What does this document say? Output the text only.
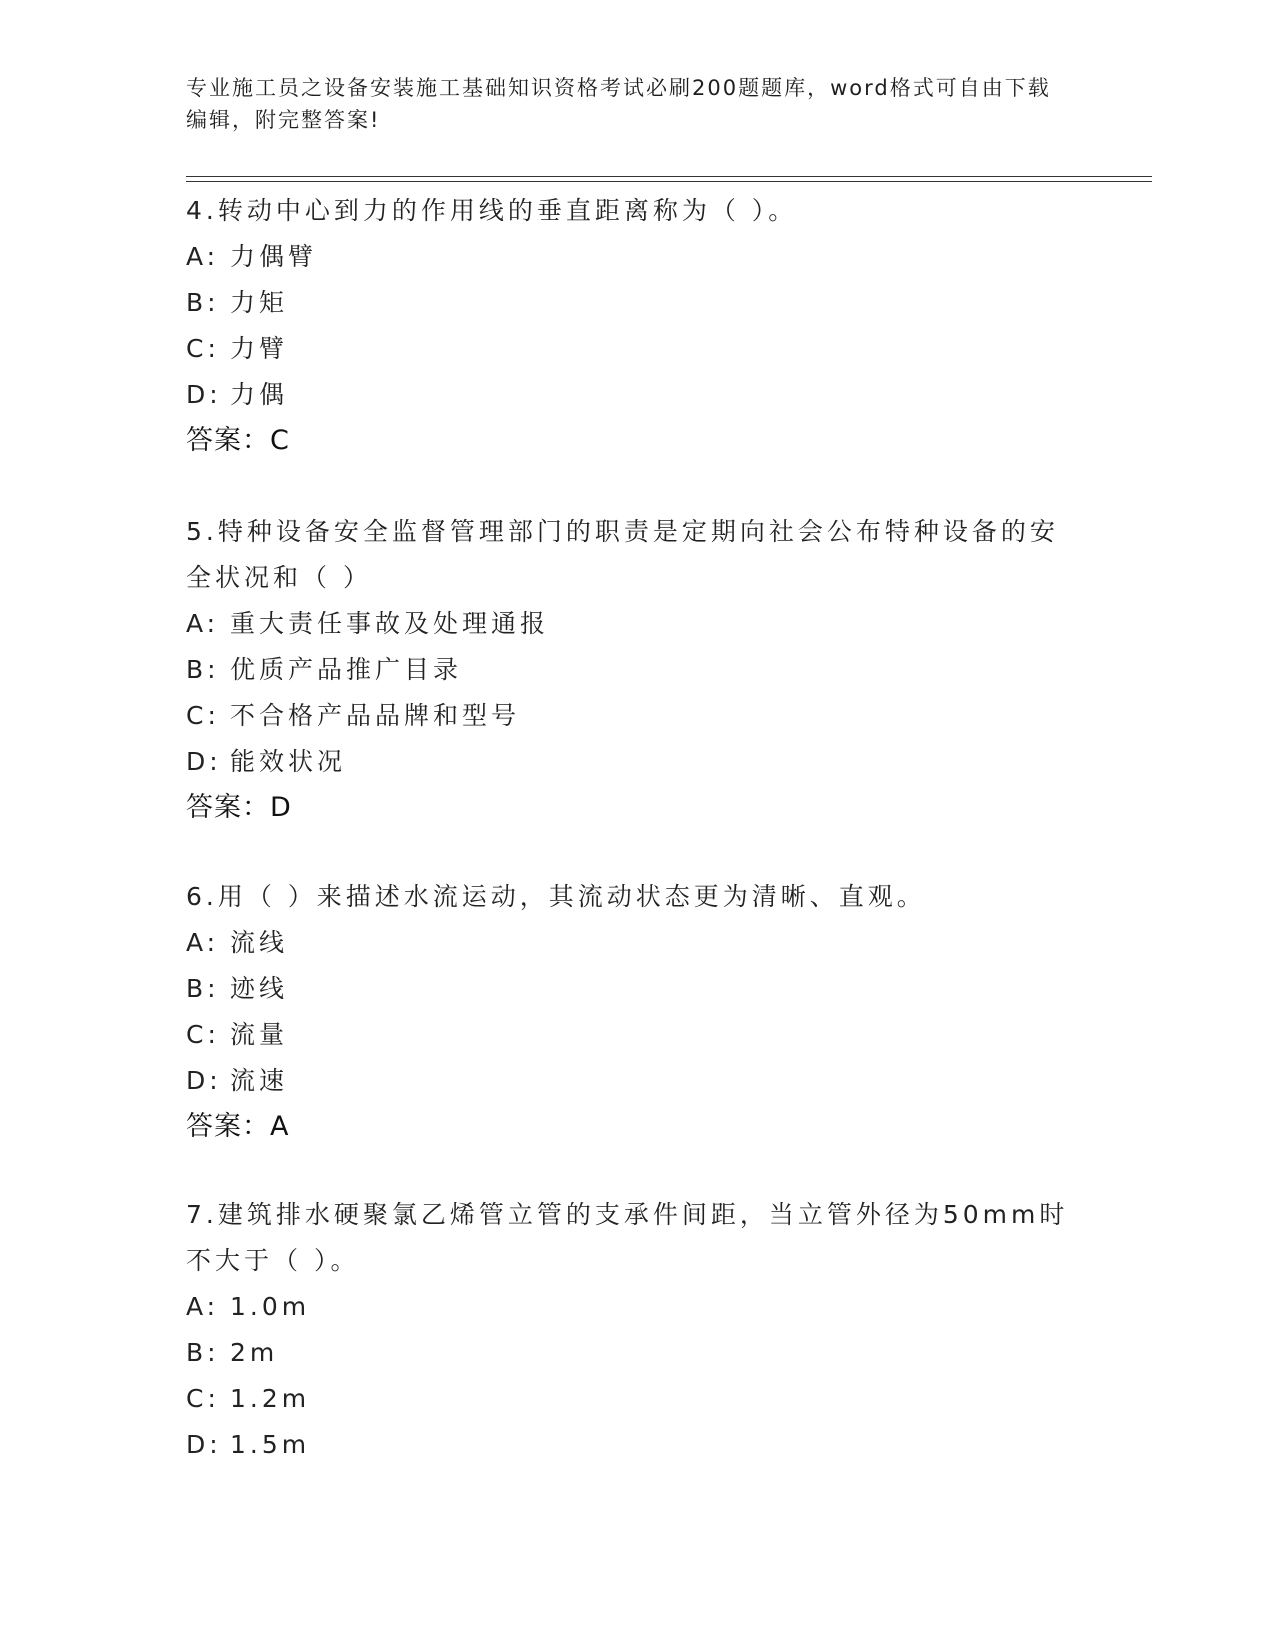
专业施工员之设备安装施工基础知识资格考试必刷200题题库，word格式可自由下载编辑，附完整答案!

4.转动中心到力的作用线的垂直距离称为（ ）。

A: 力偶臂

B: 力矩

C: 力臂

D: 力偶

答案：C

5.特种设备安全监督管理部门的职责是定期向社会公布特种设备的安全状况和（ ）

A: 重大责任事故及处理通报

B: 优质产品推广目录

C: 不合格产品品牌和型号

D: 能效状况

答案：D

6.用（ ）来描述水流运动，其流动状态更为清晰、直观。

A: 流线

B: 迹线

C: 流量

D: 流速

答案：A

7.建筑排水硬聚氯乙烯管立管的支承件间距，当立管外径为50mm时不大于（ ）。

A: 1.0m

B: 2m

C: 1.2m

D: 1.5m
